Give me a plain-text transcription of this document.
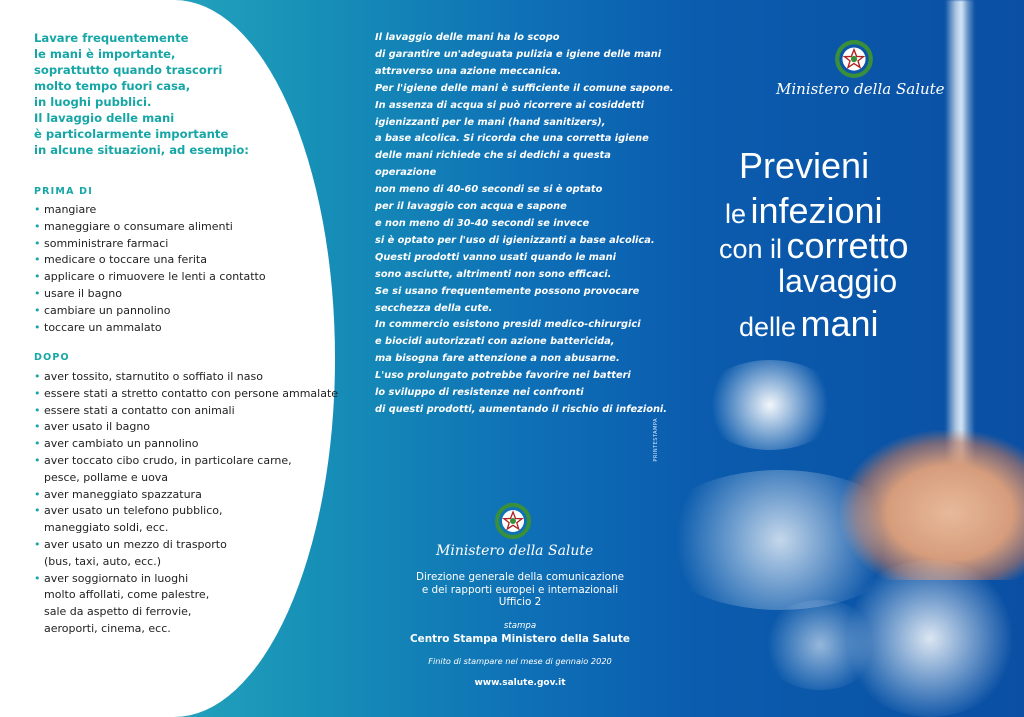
Lavare frequentemente
le mani è importante,
soprattutto quando trascorri
molto tempo fuori casa,
in luoghi pubblici.
Il lavaggio delle mani
è particolarmente importante
in alcune situazioni, ad esempio:
PRIMA DI
• mangiare
• maneggiare o consumare alimenti
• somministrare farmaci
• medicare o toccare una ferita
• applicare o rimuovere le lenti a contatto
• usare il bagno
• cambiare un pannolino
• toccare un ammalato
DOPO
• aver tossito, starnutito o soffiato il naso
• essere stati a stretto contatto con persone ammalate
• essere stati a contatto con animali
• aver usato il bagno
• aver cambiato un pannolino
• aver toccato cibo crudo, in particolare carne,
pesce, pollame e uova
• aver maneggiato spazzatura
• aver usato un telefono pubblico,
maneggiato soldi, ecc.
• aver usato un mezzo di trasporto
(bus, taxi, auto, ecc.)
• aver soggiornato in luoghi
molto affollati, come palestre,
sale da aspetto di ferrovie,
aeroporti, cinema, ecc.
Il lavaggio delle mani ha lo scopo
di garantire un'adeguata pulizia e igiene delle mani
attraverso una azione meccanica.
Per l'igiene delle mani è sufficiente il comune sapone.
In assenza di acqua si può ricorrere ai cosiddetti
igienizzanti per le mani (hand sanitizers),
a base alcolica. Si ricorda che una corretta igiene
delle mani richiede che si dedichi a questa operazione
non meno di 40-60 secondi se si è optato
per il lavaggio con acqua e sapone
e non meno di 30-40 secondi se invece
si è optato per l'uso di igienizzanti a base alcolica.
Questi prodotti vanno usati quando le mani
sono asciutte, altrimenti non sono efficaci.
Se si usano frequentemente possono provocare
secchezza della cute.
In commercio esistono presidi medico-chirurgici
e biocidi autorizzati con azione battericida,
ma bisogna fare attenzione a non abusarne.
L'uso prolungato potrebbe favorire nei batteri
lo sviluppo di resistenze nei confronti
di questi prodotti, aumentando il rischio di infezioni.
PRINTESTAMPA
Ministero della Salute
Direzione generale della comunicazione
e dei rapporti europei e internazionali
Ufficio 2
stampa
Centro Stampa Ministero della Salute
Finito di stampare nel mese di gennaio 2020
www.salute.gov.it
Ministero della Salute
Previeni
le infezioni
con il corretto
lavaggio
delle mani
